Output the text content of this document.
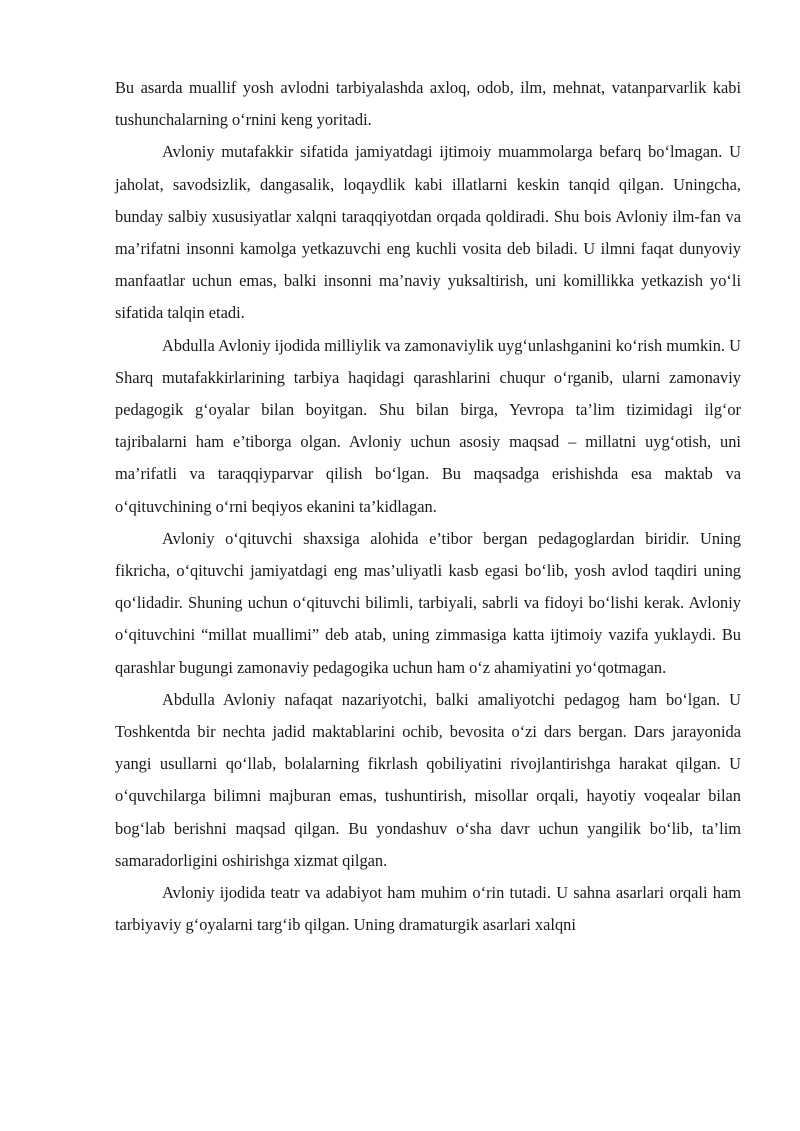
Bu asarda muallif yosh avlodni tarbiyalashda axloq, odob, ilm, mehnat, vatanparvarlik kabi tushunchalarning o‘rnini keng yoritadi.

Avloniy mutafakkir sifatida jamiyatdagi ijtimoiy muammolarga befarq bo‘lmagan. U jaholat, savodsizlik, dangasalik, loqaydlik kabi illatlarni keskin tanqid qilgan. Uningcha, bunday salbiy xususiyatlar xalqni taraqqiyotdan orqada qoldiradi. Shu bois Avloniy ilm-fan va ma’rifatni insonni kamolga yetkazuvchi eng kuchli vosita deb biladi. U ilmni faqat dunyoviy manfaatlar uchun emas, balki insonni ma’naviy yuksaltirish, uni komillikka yetkazish yo‘li sifatida talqin etadi.

Abdulla Avloniy ijodida milliylik va zamonaviylik uyg‘unlashganini ko‘rish mumkin. U Sharq mutafakkirlarining tarbiya haqidagi qarashlarini chuqur o‘rganib, ularni zamonaviy pedagogik g‘oyalar bilan boyitgan. Shu bilan birga, Yevropa ta’lim tizimidagi ilg‘or tajribalarni ham e’tiborga olgan. Avloniy uchun asosiy maqsad – millatni uyg‘otish, uni ma’rifatli va taraqqiyparvar qilish bo‘lgan. Bu maqsadga erishishda esa maktab va o‘qituvchining o‘rni beqiyos ekanini ta’kidlagan.

Avloniy o‘qituvchi shaxsiga alohida e’tibor bergan pedagoglardan biridir. Uning fikricha, o‘qituvchi jamiyatdagi eng mas’uliyatli kasb egasi bo‘lib, yosh avlod taqdiri uning qo‘lidadir. Shuning uchun o‘qituvchi bilimli, tarbiyali, sabrli va fidoyi bo‘lishi kerak. Avloniy o‘qituvchini “millat muallimi” deb atab, uning zimmasiga katta ijtimoiy vazifa yuklaydi. Bu qarashlar bugungi zamonaviy pedagogika uchun ham o‘z ahamiyatini yo‘qotmagan.

Abdulla Avloniy nafaqat nazariyotchi, balki amaliyotchi pedagog ham bo‘lgan. U Toshkentda bir nechta jadid maktablarini ochib, bevosita o‘zi dars bergan. Dars jarayonida yangi usullarni qo‘llab, bolalarning fikrlash qobiliyatini rivojlantirishga harakat qilgan. U o‘quvchilarga bilimni majburan emas, tushuntirish, misollar orqali, hayotiy voqealar bilan bog‘lab berishni maqsad qilgan. Bu yondashuv o‘sha davr uchun yangilik bo‘lib, ta’lim samaradorligini oshirishga xizmat qilgan.

Avloniy ijodida teatr va adabiyot ham muhim o‘rin tutadi. U sahna asarlari orqali ham tarbiyaviy g‘oyalarni targ‘ib qilgan. Uning dramaturgik asarlari xalqni
